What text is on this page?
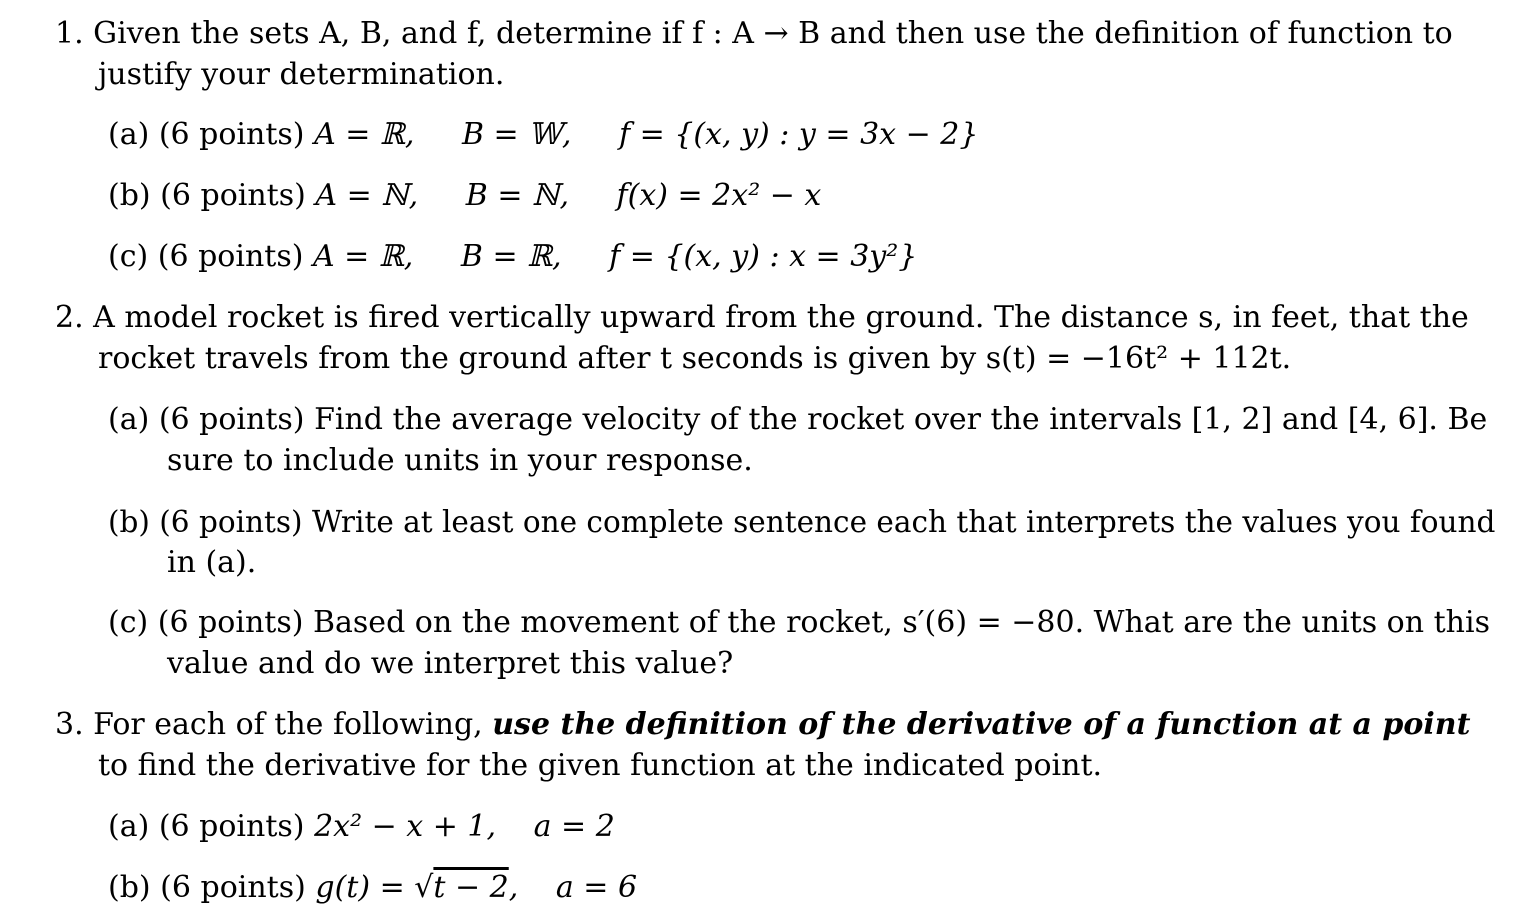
1. Given the sets A, B, and f, determine if f : A → B and then use the definition of function to
justify your determination.
(a) (6 points) A = ℝ, B = 𝕎, f = {(x, y) : y = 3x − 2}
(b) (6 points) A = ℕ, B = ℕ, f(x) = 2x² − x
(c) (6 points) A = ℝ, B = ℝ, f = {(x, y) : x = 3y²}
2. A model rocket is fired vertically upward from the ground. The distance s, in feet, that the
rocket travels from the ground after t seconds is given by s(t) = −16t² + 112t.
(a) (6 points) Find the average velocity of the rocket over the intervals [1, 2] and [4, 6]. Be
sure to include units in your response.
(b) (6 points) Write at least one complete sentence each that interprets the values you found
in (a).
(c) (6 points) Based on the movement of the rocket, s′(6) = −80. What are the units on this
value and do we interpret this value?
3. For each of the following, use the definition of the derivative of a function at a point
to find the derivative for the given function at the indicated point.
(a) (6 points) 2x² − x + 1, a = 2
(b) (6 points) g(t) = √t − 2, a = 6
